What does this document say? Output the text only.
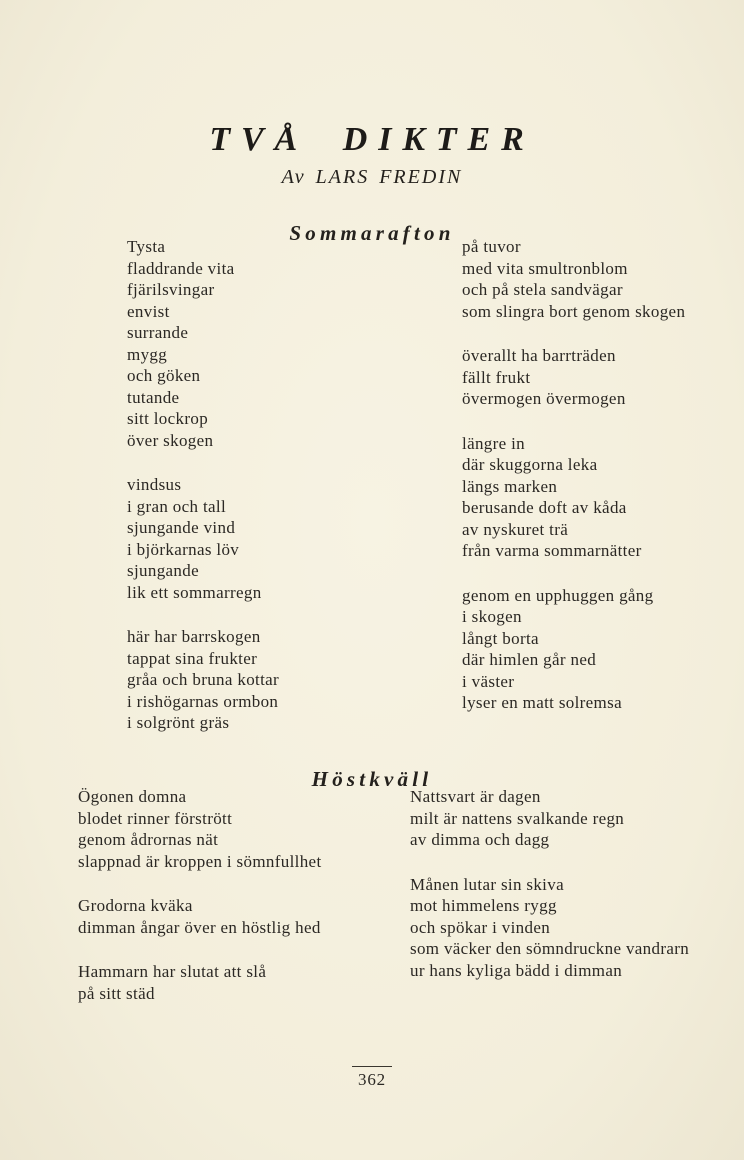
TVÅ DIKTER
Av LARS FREDIN
Sommarafton
Tysta
fladdrande vita
fjärilsvingar
envist
surrande
mygg
och göken
tutande
sitt lockrop
över skogen
vindsus
i gran och tall
sjungande vind
i björkarnas löv
sjungande
lik ett sommarregn
här har barrskogen
tappat sina frukter
gråa och bruna kottar
i rishögarnas ormbon
i solgrönt gräs
på tuvor
med vita smultronblom
och på stela sandvägar
som slingra bort genom skogen
överallt ha barrträden
fällt frukt
övermogen övermogen
längre in
där skuggorna leka
längs marken
berusande doft av kåda
av nyskuret trä
från varma sommarnätter
genom en upphuggen gång
i skogen
långt borta
där himlen går ned
i väster
lyser en matt solremsa
Höstkväll
Ögonen domna
blodet rinner förstrött
genom ådrornas nät
slappnad är kroppen i sömnfullhet
Grodorna kväka
dimman ångar över en höstlig hed
Hammarn har slutat att slå
på sitt städ
Nattsvart är dagen
milt är nattens svalkande regn
av dimma och dagg
Månen lutar sin skiva
mot himmelens rygg
och spökar i vinden
som väcker den sömndruckne vandrarn
ur hans kyliga bädd i dimman
362
